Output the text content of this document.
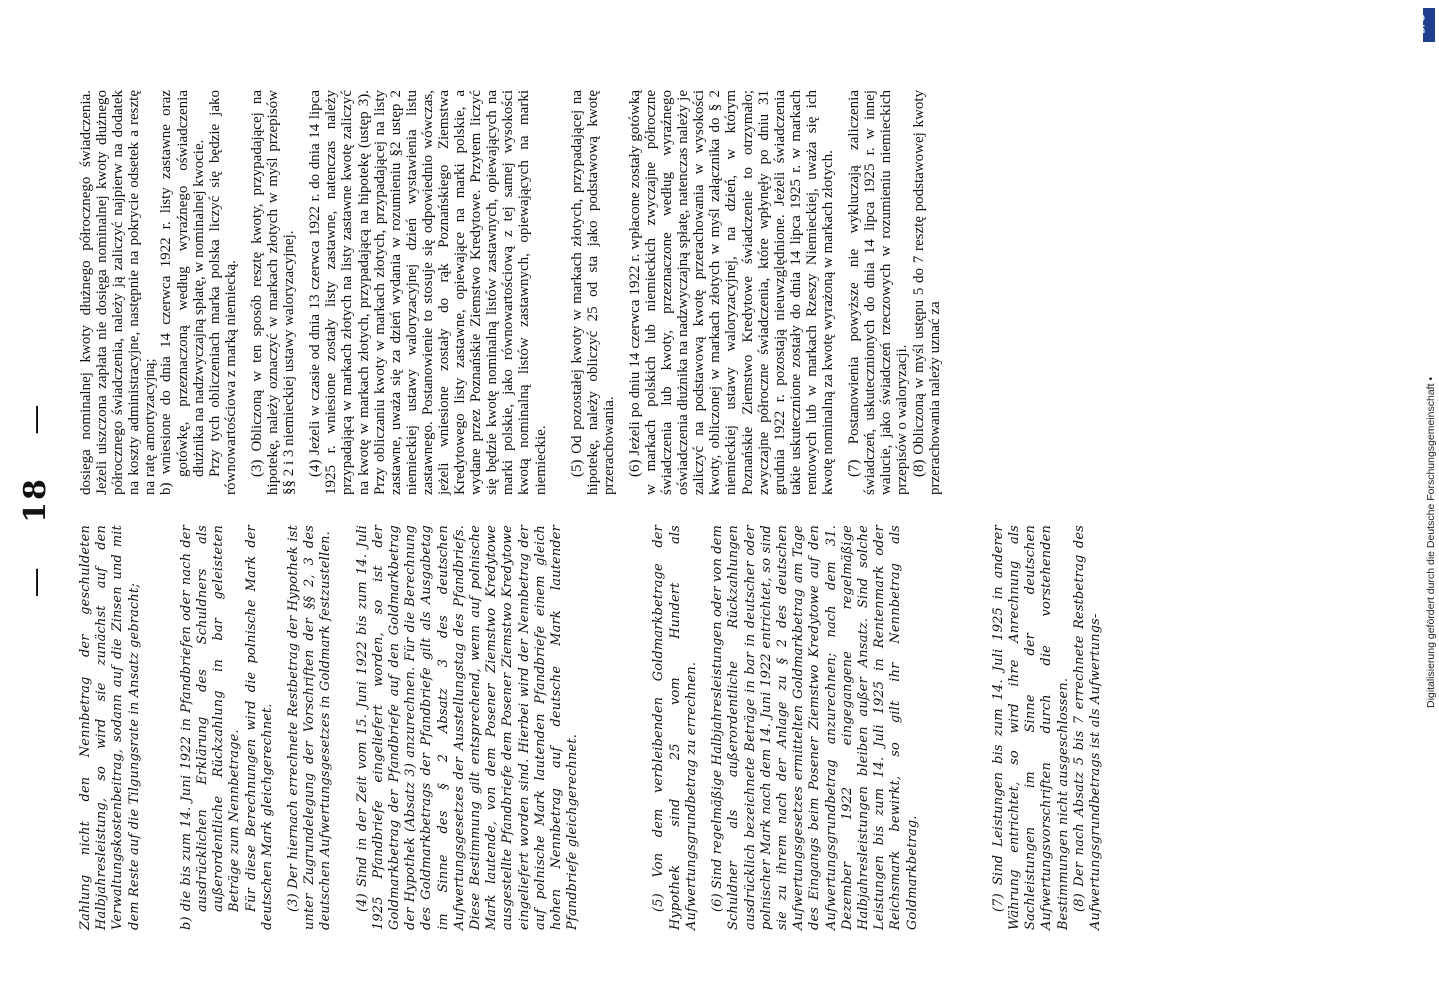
— 18 —

Zahlung nicht den Nennbetrag der geschuldeten Halbjahresleistung, so wird sie zunächst auf den Verwaltungskostenbeitrag, sodann auf die Zinsen und mit dem Reste auf die Tilgungsrate in Ansatz gebracht;	b) die bis zum 14. Juni 1922 in Pfandbriefen oder nach der ausdrücklichen Erklärung des Schuldners als außerordentliche Rückzahlung in bar geleisteten Beträge zum Nennbetrage. Für diese Berechnungen wird die polnische Mark der deutschen Mark gleichgerechnet. (3) Der hiernach errechnete Restbetrag der Hypothek ist unter Zugrundelegung der Vorschriften der §§ 2, 3 des deutschen Aufwertungsgesetzes in Goldmark festzustellen. (4) Sind in der Zeit vom 15. Juni 1922 bis zum 14. Juli 1925 Pfandbriefe eingeliefert worden, so ist der Goldmarkbetrag der Pfandbriefe auf den Goldmarkbetrag der Hypothek (Absatz 3) anzurechnen. Für die Berechnung des Goldmarkbetrags der Pfandbriefe gilt als Ausgabetag im Sinne des § 2 Absatz 3 des deutschen Aufwertungsgesetzes der Ausstellungstag des Pfandbriefs. Diese Bestimmung gilt entsprechend, wenn auf polnische Mark lautende, von dem Posener Ziemstwo Kredytowe ausgestellte Pfandbriefe dem Posener Ziemstwo Kredytowe eingeliefert worden sind. Hierbei wird der Nennbetrag der auf polnische Mark lautenden Pfandbriefe einem gleich hohen Nennbetrag auf deutsche Mark lautender Pfandbriefe gleichgerechnet.	(5) Von dem verbleibenden Goldmarkbetrage der Hypothek sind 25 vom Hundert als Aufwertungsgrundbetrag zu errechnen. (6) Sind regelmäßige Halbjahresleistungen oder von dem Schuldner als außerordentliche Rückzahlungen ausdrücklich bezeichnete Beträge in bar in deutscher oder polnischer Mark nach dem 14. Juni 1922 entrichtet, so sind sie zu ihrem nach der Anlage zu § 2 des deutschen Aufwertungsgesetzes ermittelten Goldmarkbetrag am Tage des Eingangs beim Posener Ziemstwo Kredytowe auf den Aufwertungsgrundbetrag anzurechnen; nach dem 31. Dezember 1922 eingegangene regelmäßige Halbjahresleistungen bleiben außer Ansatz. Sind solche Leistungen bis zum 14. Juli 1925 in Rentenmark oder Reichsmark bewirkt, so gilt ihr Nennbetrag als Goldmarkbetrag.	(7) Sind Leistungen bis zum 14. Juli 1925 in anderer Währung entrichtet, so wird ihre Anrechnung als Sachleistungen im Sinne der deutschen Aufwertungsvorschriften durch die vorstehenden Bestimmungen nicht ausgeschlossen. (8) Der nach Absatz 5 bis 7 errechnete Restbetrag des Aufwertungsgrundbetrags ist als Aufwertungs-

dosiega nominalnej kwoty dłużnego półrocznego świadczenia. Jeżeli uiszczona zapłata nie dosięga nominalnej kwoty dłużnego półrocznego świadczenia, należy ją zaliczyć najpierw na dodatek na koszty administracyjne, następnie na pokrycie odsetek a resztę na ratę amortyzacyjną; b) wniesione do dnia 14 czerwca 1922 r. listy zastawne oraz gotówkę, przeznaczoną według wyraźnego oświadczenia dłużnika na nadzwyczajną spłatę, w nominalnej kwocie. Przy tych obliczeniach marka polska liczyć się będzie jako równowartościowa z marką niemiecką. (3) Obliczoną w ten sposób resztę kwoty, przypadającej na hipotekę, należy oznaczyć w markach złotych w myśl przepisów §§ 2 i 3 niemieckiej ustawy waloryzacyjnej. (4) Jeżeli w czasie od dnia 13 czerwca 1922 r. do dnia 14 lipca 1925 r. wniesione zostały listy zastawne, natenczas należy przypadającą w markach złotych na listy zastawne kwotę zaliczyć na kwotę w markach złotych, przypadającą na hipotekę (ustęp 3). Przy obliczaniu kwoty w markach złotych, przypadającej na listy zastawne, uważa się za dzień wydania w rozumieniu §2 ustęp 2 niemieckiej ustawy waloryzacyjnej dzień wystawienia listu zastawnego. Postanowienie to stosuje się odpowiednio wówczas, jeżeli wniesione zostały do rąk Poznańskiego Ziemstwa Kredytowego listy zastawne, opiewające na marki polskie, a wydane przez Poznańskie Ziemstwo Kredytowe. Przytem liczyć się będzie kwotę nominalną listów zastawnych, opiewających na marki polskie, jako równowartościową z tej samej wysokości kwotą nominalną listów zastawnych, opiewających na marki niemieckie. (5) Od pozostałej kwoty w markach złotych, przypadającej na hipotekę, należy obliczyć 25 od sta jako podstawową kwotę przerachowania. (6) Jeżeli po dniu 14 czerwca 1922 r. wpłacone zostały gotówką w markach polskich lub niemieckich zwyczajne półroczne świadczenia lub kwoty, przeznaczone według wyraźnego oświadczenia dłużnika na nadzwyczajną spłatę, natenczas należy je zaliczyć na podstawową kwotę przerachowania w wysokości kwoty, obliczonej w markach złotych w myśl załącznika do § 2 niemieckiej ustawy waloryzacyjnej, na dzień, w którym Poznańskie Ziemstwo Kredytowe świadczenie to otrzymało; zwyczajne półroczne świadczenia, które wpłynęły po dniu 31 grudnia 1922 r. pozostają nieuwzględnione. Jeżeli świadczenia takie uskutecznione zostały do dnia 14 lipca 1925 r. w markach rentowych lub w markach Rzeszy Niemieckiej, uważa się ich kwotę nominalną za kwotę wyrażoną w markach złotych. (7) Postanowienia powyższe nie wykluczają zaliczenia świadczeń, uskutecznionych do dnia 14 lipca 1925 r. w innej walucie, jako świadczeń rzeczowych w rozumieniu niemieckich przepisów o waloryzacji. (8) Obliczoną w myśl ustępu 5 do 7 resztę podstawowej kwoty przerachowania należy uznać za	Digitalisierung gefördert durch die Deutsche Forschungsgemeinschaft •
DFG
